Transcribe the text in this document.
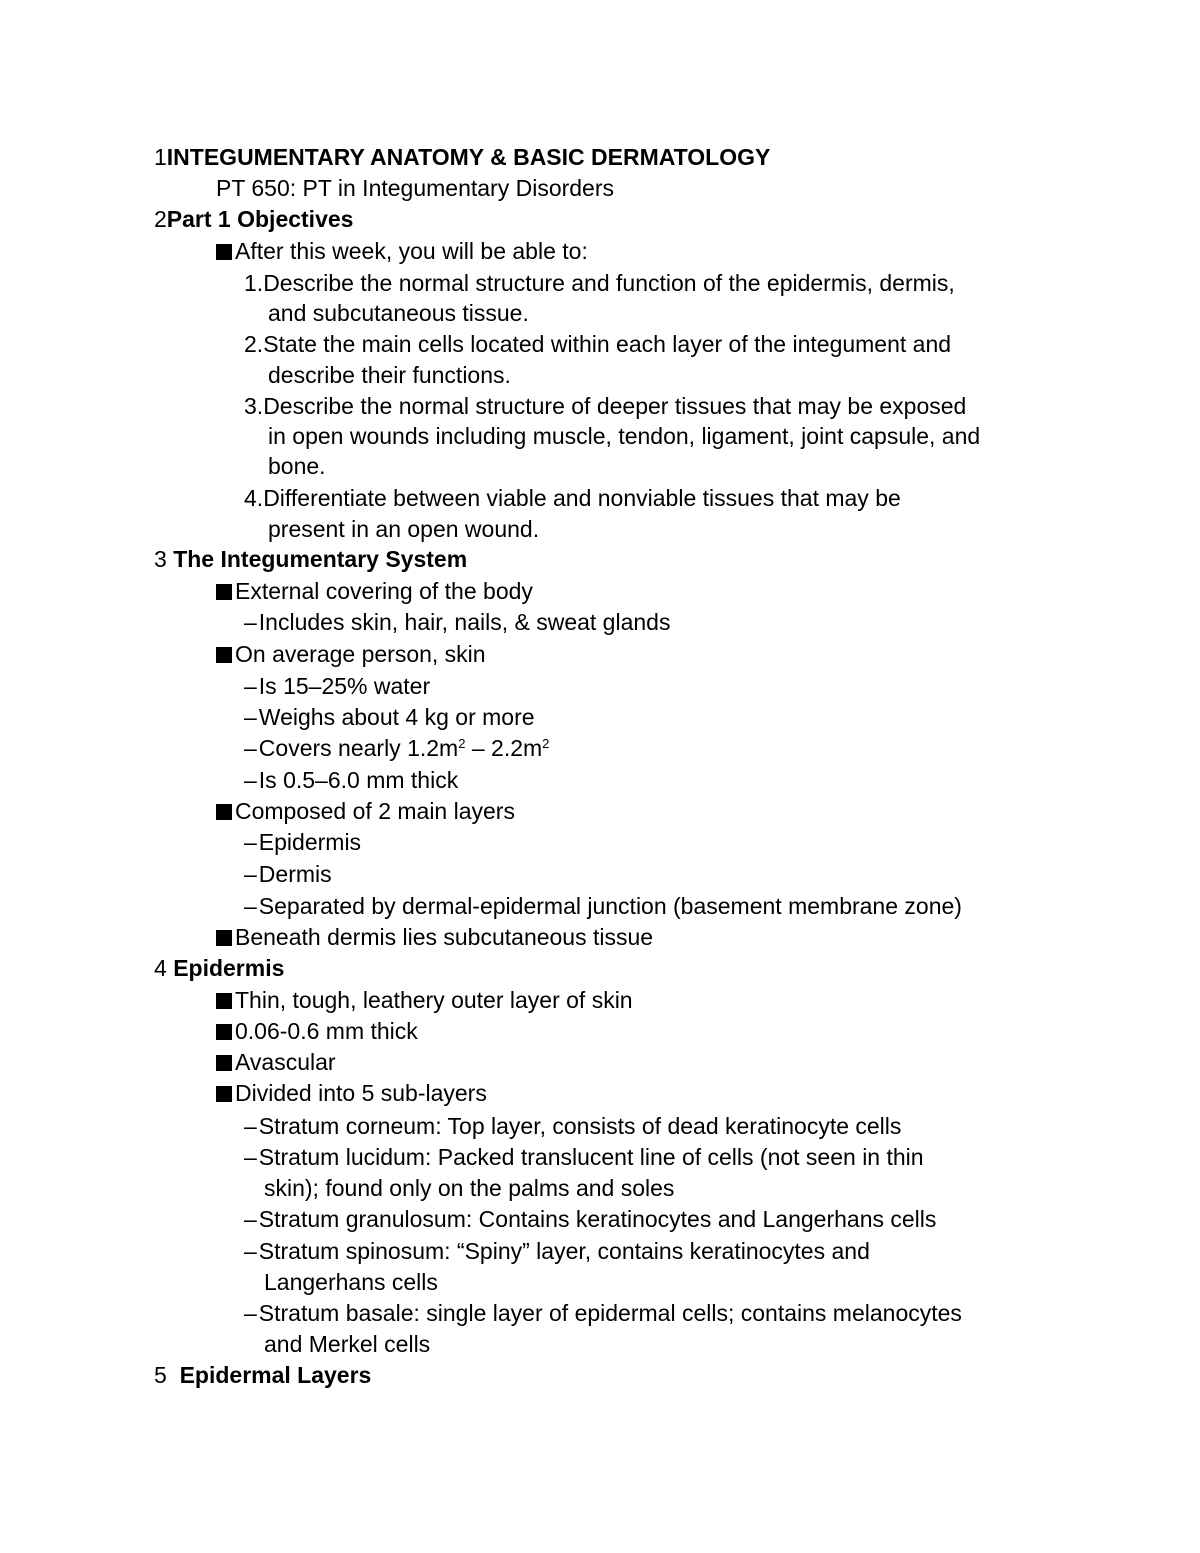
1INTEGUMENTARY ANATOMY & BASIC DERMATOLOGY
PT 650: PT in Integumentary Disorders
2Part 1 Objectives
After this week, you will be able to:
1.Describe the normal structure and function of the epidermis, dermis,
and subcutaneous tissue.
2.State the main cells located within each layer of the integument and
describe their functions.
3.Describe the normal structure of deeper tissues that may be exposed
in open wounds including muscle, tendon, ligament, joint capsule, and
bone.
4.Differentiate between viable and nonviable tissues that may be
present in an open wound.
3 The Integumentary System
External covering of the body
–Includes skin, hair, nails, & sweat glands
On average person, skin
–Is 15–25% water
–Weighs about 4 kg or more
–Covers nearly $1.2m^2 - 2.2m^2$
–Is 0.5–6.0 mm thick
Composed of 2 main layers
–Epidermis
–Dermis
–Separated by dermal-epidermal junction (basement membrane zone)
Beneath dermis lies subcutaneous tissue
4 Epidermis
Thin, tough, leathery outer layer of skin
0.06-0.6 mm thick
Avascular
Divided into 5 sub-layers
–Stratum corneum: Top layer, consists of dead keratinocyte cells
–Stratum lucidum: Packed translucent line of cells (not seen in thin
skin); found only on the palms and soles
–Stratum granulosum: Contains keratinocytes and Langerhans cells
–Stratum spinosum: “Spiny” layer, contains keratinocytes and
Langerhans cells
–Stratum basale: single layer of epidermal cells; contains melanocytes
and Merkel cells
5 Epidermal Layers
